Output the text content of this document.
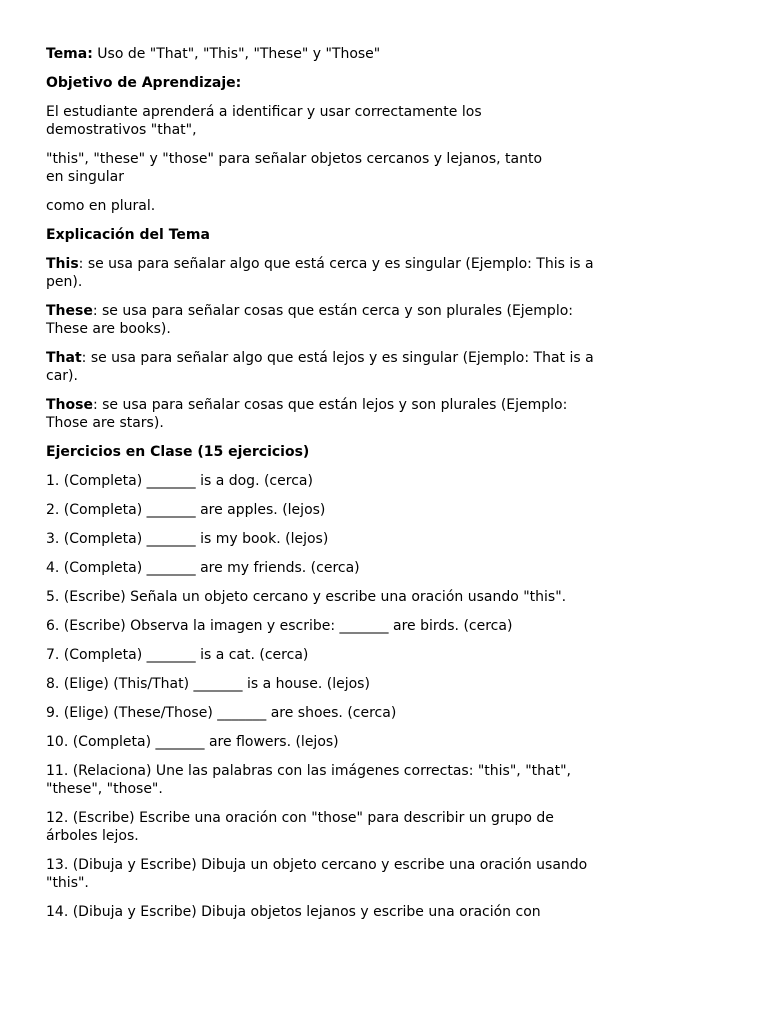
Tema: Uso de "That", "This", "These" y "Those"

Objetivo de Aprendizaje:

El estudiante aprenderá a identificar y usar correctamente los demostrativos "that",

"this", "these" y "those" para señalar objetos cercanos y lejanos, tanto en singular

como en plural.

Explicación del Tema

This: se usa para señalar algo que está cerca y es singular (Ejemplo: This is a pen).

These: se usa para señalar cosas que están cerca y son plurales (Ejemplo: These are books).

That: se usa para señalar algo que está lejos y es singular (Ejemplo: That is a car).

Those: se usa para señalar cosas que están lejos y son plurales (Ejemplo: Those are stars).

Ejercicios en Clase (15 ejercicios)

1. (Completa) _______ is a dog. (cerca)

2. (Completa) _______ are apples. (lejos)

3. (Completa) _______ is my book. (lejos)

4. (Completa) _______ are my friends. (cerca)

5. (Escribe) Señala un objeto cercano y escribe una oración usando "this".

6. (Escribe) Observa la imagen y escribe: _______ are birds. (cerca)

7. (Completa) _______ is a cat. (cerca)

8. (Elige) (This/That) _______ is a house. (lejos)

9. (Elige) (These/Those) _______ are shoes. (cerca)

10. (Completa) _______ are flowers. (lejos)

11. (Relaciona) Une las palabras con las imágenes correctas: "this", "that", "these", "those".

12. (Escribe) Escribe una oración con "those" para describir un grupo de árboles lejos.

13. (Dibuja y Escribe) Dibuja un objeto cercano y escribe una oración usando "this".

14. (Dibuja y Escribe) Dibuja objetos lejanos y escribe una oración con
